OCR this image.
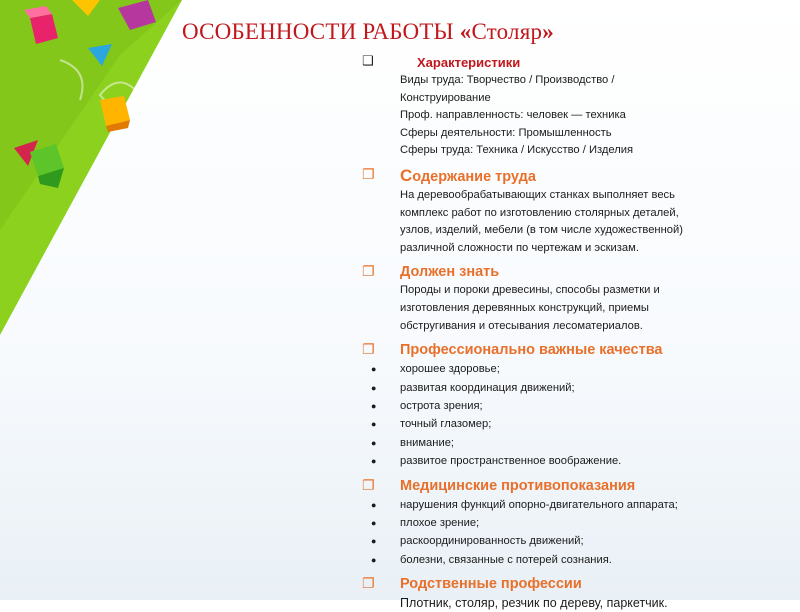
ОСОБЕННОСТИ РАБОТЫ «Столяр»
❑	Характеристики
Виды труда: Творчество / Производство /
Конструирование
Проф. направленность: человек — техника
Сферы деятельности: Промышленность
Сферы труда: Техника / Искусство / Изделия
❐ Содержание труда
На деревообрабатывающих станках выполняет весь
комплекс работ по изготовлению столярных деталей,
узлов, изделий, мебели (в том числе художественной)
различной сложности по чертежам и эскизам.
❐ Должен знать
Породы и пороки древесины, способы разметки и
изготовления деревянных конструкций, приемы
обстругивания и отесывания лесоматериалов.
❐ Профессионально важные качества
● хорошее здоровье;
● развитая координация движений;
● острота зрения;
● точный глазомер;
● внимание;
● развитое пространственное воображение.
❐ Медицинские противопоказания
● нарушения функций опорно-двигательного аппарата;
● плохое зрение;
● раскоординированность движений;
● болезни, связанные с потерей сознания.
❐ Родственные профессии
Плотник, столяр, резчик по дереву, паркетчик.
